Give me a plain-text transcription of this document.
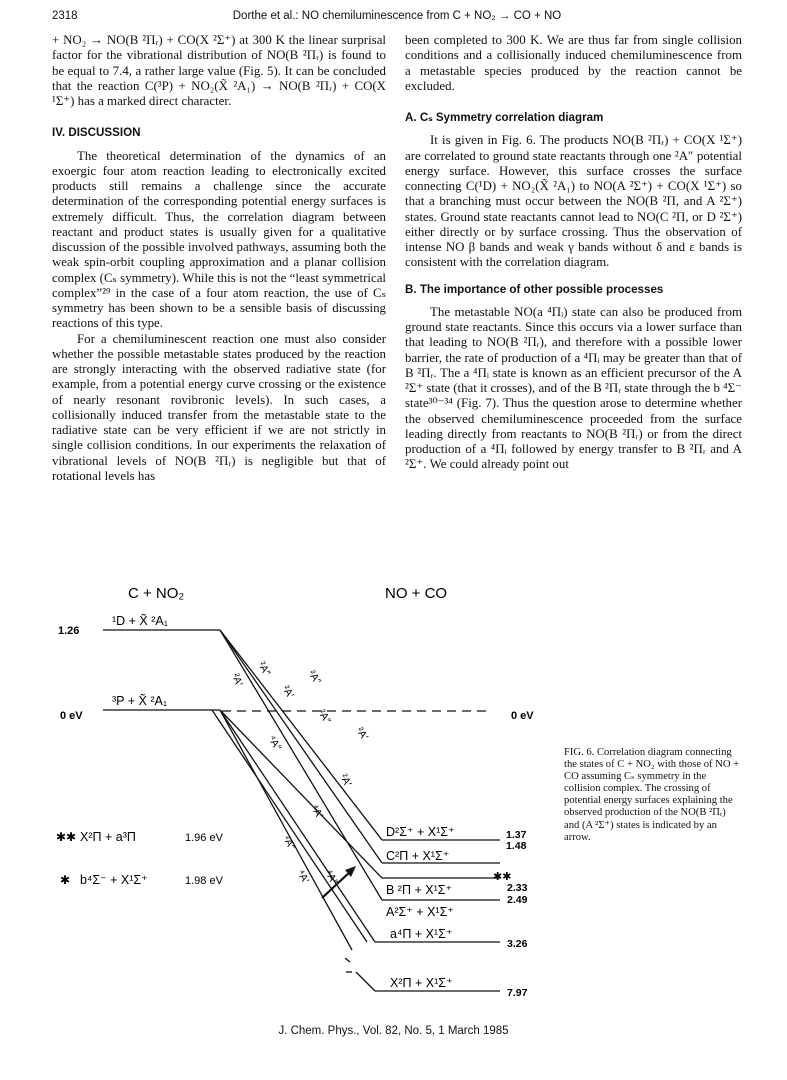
2318	Dorthe et al.: NO chemiluminescence from C + NO₂ → CO + NO

+ NO₂ → NO(B ²Πᵣ) + CO(X ²Σ⁺) at 300 K the linear surprisal factor for the vibrational distribution of NO(B ²Πᵣ) is found to be equal to 7.4, a rather large value (Fig. 5). It can be concluded that the reaction C(³P) + NO₂(X̃ ²A₁) → NO(B ²Πᵣ) + CO(X ¹Σ⁺) has a marked direct character.

IV. DISCUSSION

The theoretical determination of the dynamics of an exoergic four atom reaction leading to electronically excited products still remains a challenge since the accurate determination of the corresponding potential energy surfaces is extremely difficult. Thus, the correlation diagram between reactant and product states is usually given for a qualitative discussion of the possible involved pathways, assuming both the weak spin-orbit coupling approximation and a planar collision complex (Cₛ symmetry). While this is not the “least symmetrical complex”²⁹ in the case of a four atom reaction, the use of Cₛ symmetry has been shown to be a sensible basis of discussing reactions of this type.

For a chemiluminescent reaction one must also consider whether the possible metastable states produced by the reaction are strongly interacting with the observed radiative state (for example, from a potential energy curve crossing or the existence of nearly resonant rovibronic levels). In such cases, a collisionally induced transfer from the metastable state to the radiative state can be very efficient if we are not strictly in single collision conditions. In our experiments the relaxation of vibrational levels of NO(B ²Πᵣ) is negligible but that of rotational levels has

been completed to 300 K. We are thus far from single collision conditions and a collisionally induced chemiluminescence from a metastable species produced by the reaction cannot be excluded.

A. Cₛ Symmetry correlation diagram

It is given in Fig. 6. The products NO(B ²Πᵣ) + CO(X ¹Σ⁺) are correlated to ground state reactants through one ²A″ potential energy surface. However, this surface crosses the surface connecting C(¹D) + NO₂(X̃ ²A₁) to NO(A ²Σ⁺) + CO(X ¹Σ⁺) so that a branching must occur between the NO(B ²Π, and A ²Σ⁺) states. Ground state reactants cannot lead to NO(C ²Π, or D ²Σ⁺) either directly or by surface crossing. Thus the observation of intense NO β bands and weak γ bands without δ and ε bands is consistent with the correlation diagram.

B. The importance of other possible processes

The metastable NO(a ⁴Πᵢ) state can also be produced from ground state reactants. Since this occurs via a lower surface than that leading to NO(B ²Πᵣ), and therefore with a possible lower barrier, the rate of production of a ⁴Πᵢ may be greater than that of B ²Πᵣ. The a ⁴Πᵢ state is known as an efficient precursor of the A ²Σ⁺ state (that it crosses), and of the B ²Πᵣ state through the b ⁴Σ⁻ state³⁰⁻³⁴ (Fig. 7). Thus the question arose to determine whether the observed chemiluminescence proceeded from the surface leading directly from reactants to NO(B ²Πᵣ) or from the direct production of a ⁴Πᵢ followed by energy transfer to B ²Πᵣ and A ²Σ⁺. We could already point out

C + NO₂	NO + CO
¹D + X̃ ²A₁
1.26
³P + X̃ ²A₁
0 eV	0 eV
✱✱ X²Π + a³Π	1.96 eV
✱ b⁴Σ⁻ + X¹Σ⁺	1.98 eV
D²Σ⁺ + X¹Σ⁺
C²Π + X¹Σ⁺
B ²Π + X¹Σ⁺
A²Σ⁺ + X¹Σ⁺
a⁴Π + X¹Σ⁺
X²Π + X¹Σ⁺
1.37
1.48
2.33
2.49
3.26
7.97
✱✱
²A′
²A″
²A′
²A″
²A″
²A′
⁴A″
²A′
⁴A′
²A″
⁴A′ ⁴A″
FIG. 6. Correlation diagram connecting the states of C + NO₂ with those of NO + CO assuming Cₛ symmetry in the collision complex. The crossing of potential energy surfaces explaining the observed production of the NO(B ²Πᵣ) and (A ²Σ⁺) states is indicated by an arrow.
J. Chem. Phys., Vol. 82, No. 5, 1 March 1985
